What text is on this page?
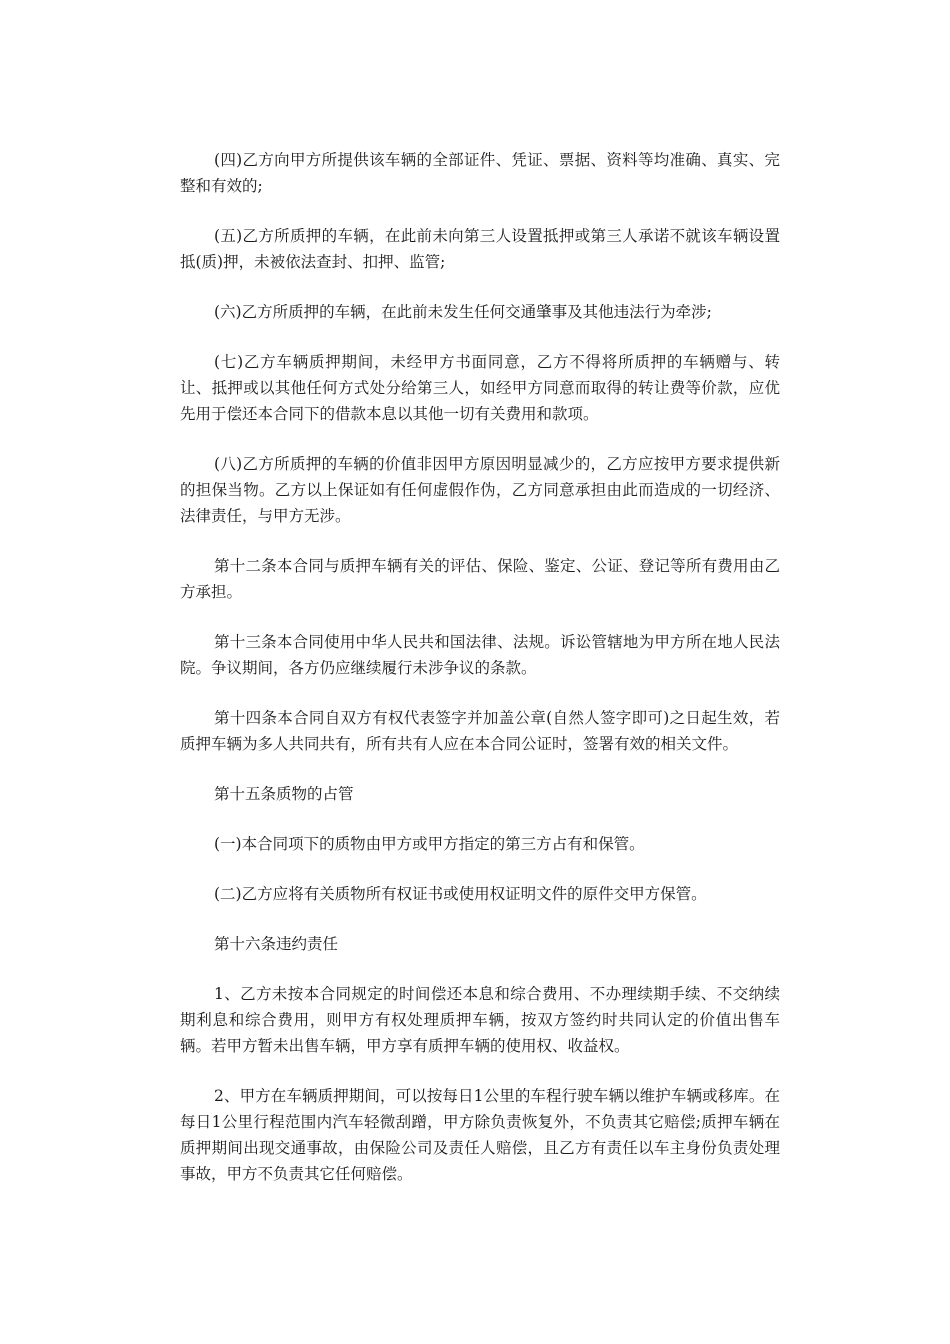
(四)乙方向甲方所提供该车辆的全部证件、凭证、票据、资料等均准确、真实、完整和有效的;

(五)乙方所质押的车辆，在此前未向第三人设置抵押或第三人承诺不就该车辆设置抵(质)押，未被依法查封、扣押、监管;

(六)乙方所质押的车辆，在此前未发生任何交通肇事及其他违法行为牵涉;

(七)乙方车辆质押期间，未经甲方书面同意，乙方不得将所质押的车辆赠与、转让、抵押或以其他任何方式处分给第三人，如经甲方同意而取得的转让费等价款，应优先用于偿还本合同下的借款本息以其他一切有关费用和款项。

(八)乙方所质押的车辆的价值非因甲方原因明显减少的，乙方应按甲方要求提供新的担保当物。乙方以上保证如有任何虚假作伪，乙方同意承担由此而造成的一切经济、法律责任，与甲方无涉。

第十二条本合同与质押车辆有关的评估、保险、鉴定、公证、登记等所有费用由乙方承担。

第十三条本合同使用中华人民共和国法律、法规。诉讼管辖地为甲方所在地人民法院。争议期间，各方仍应继续履行未涉争议的条款。

第十四条本合同自双方有权代表签字并加盖公章(自然人签字即可)之日起生效，若质押车辆为多人共同共有，所有共有人应在本合同公证时，签署有效的相关文件。

第十五条质物的占管

(一)本合同项下的质物由甲方或甲方指定的第三方占有和保管。

(二)乙方应将有关质物所有权证书或使用权证明文件的原件交甲方保管。

第十六条违约责任

1、乙方未按本合同规定的时间偿还本息和综合费用、不办理续期手续、不交纳续期利息和综合费用，则甲方有权处理质押车辆，按双方签约时共同认定的价值出售车辆。若甲方暂未出售车辆，甲方享有质押车辆的使用权、收益权。

2、甲方在车辆质押期间，可以按每日1公里的车程行驶车辆以维护车辆或移库。在每日1公里行程范围内汽车轻微刮蹭，甲方除负责恢复外，不负责其它赔偿;质押车辆在质押期间出现交通事故，由保险公司及责任人赔偿，且乙方有责任以车主身份负责处理事故，甲方不负责其它任何赔偿。
